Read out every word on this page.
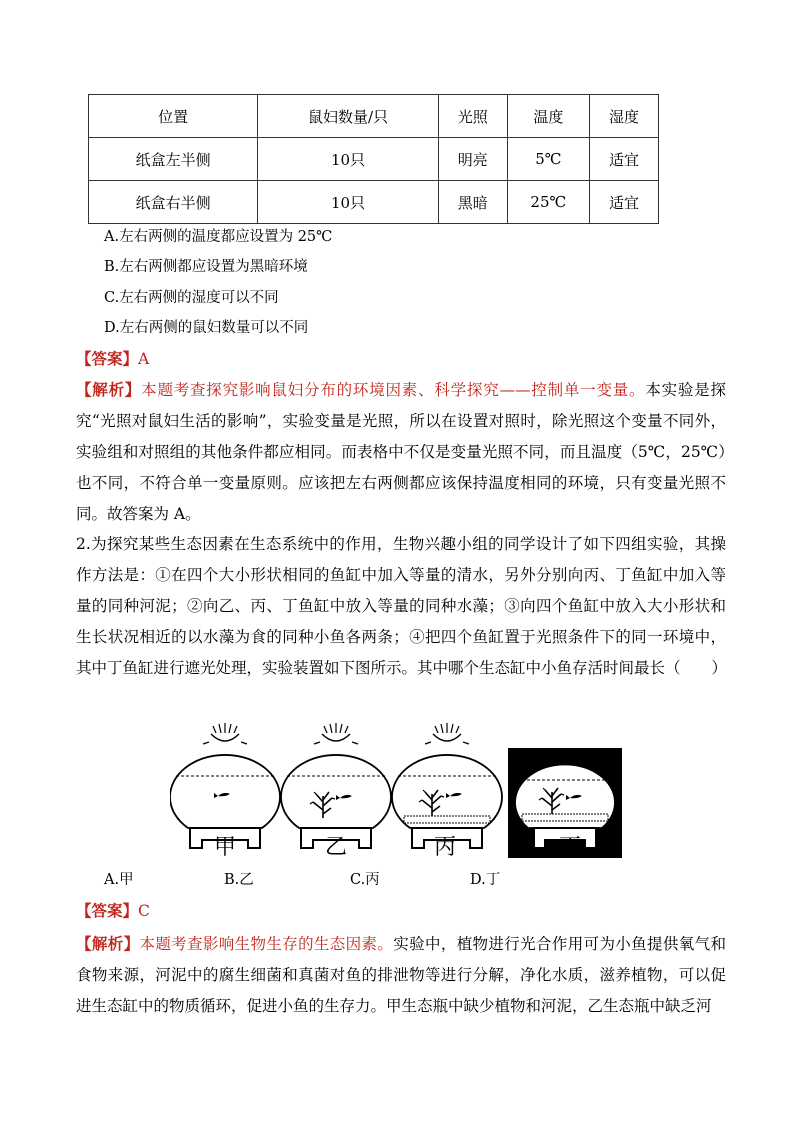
位置	鼠妇数量/只	光照	温度	湿度
纸盒左半侧	10只	明亮	5℃	适宜
纸盒右半侧	10只	黑暗	25℃	适宜
A.左右两侧的温度都应设置为 25℃
B.左右两侧都应设置为黑暗环境
C.左右两侧的湿度可以不同
D.左右两侧的鼠妇数量可以不同
【答案】A
【解析】本题考查探究影响鼠妇分布的环境因素、科学探究——控制单一变量。本实验是探究“光照对鼠妇生活的影响”，实验变量是光照，所以在设置对照时，除光照这个变量不同外，实验组和对照组的其他条件都应相同。而表格中不仅是变量光照不同，而且温度（5℃，25℃）也不同，不符合单一变量原则。应该把左右两侧都应该保持温度相同的环境，只有变量光照不同。故答案为 A。
2.为探究某些生态因素在生态系统中的作用，生物兴趣小组的同学设计了如下四组实验，其操作方法是：①在四个大小形状相同的鱼缸中加入等量的清水，另外分别向丙、丁鱼缸中加入等量的同种河泥；②向乙、丙、丁鱼缸中放入等量的同种水藻；③向四个鱼缸中放入大小形状和生长状况相近的以水藻为食的同种小鱼各两条；④把四个鱼缸置于光照条件下的同一环境中，其中丁鱼缸进行遮光处理，实验装置如下图所示。其中哪个生态缸中小鱼存活时间最长（　　）
甲	乙	丙	丁
A.甲	B.乙	C.丙	D.丁
【答案】C
【解析】本题考查影响生物生存的生态因素。实验中，植物进行光合作用可为小鱼提供氧气和食物来源，河泥中的腐生细菌和真菌对鱼的排泄物等进行分解，净化水质，滋养植物，可以促进生态缸中的物质循环，促进小鱼的生存力。甲生态瓶中缺少植物和河泥，乙生态瓶中缺乏河
